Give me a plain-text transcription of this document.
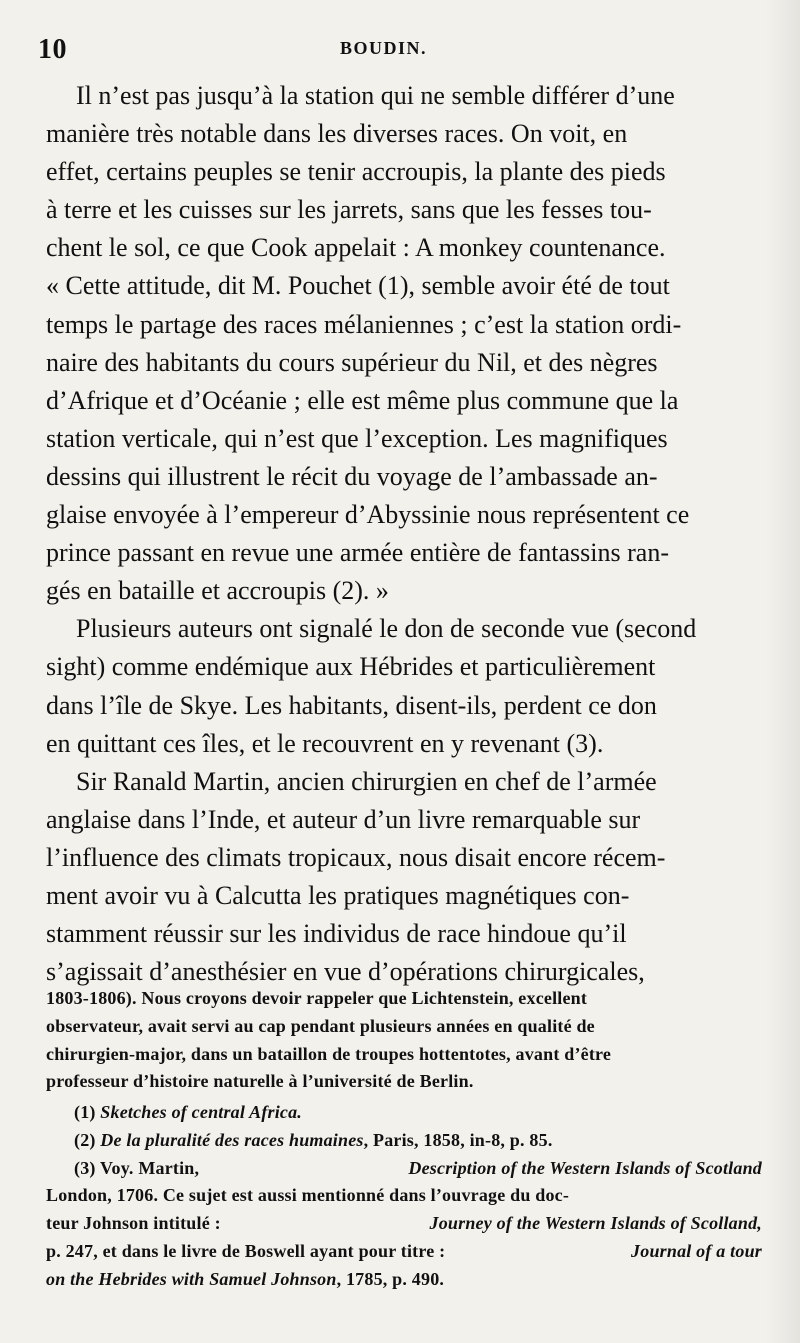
10	BOUDIN.
Il n’est pas jusqu’à la station qui ne semble différer d’une
manière très notable dans les diverses races. On voit, en
effet, certains peuples se tenir accroupis, la plante des pieds
à terre et les cuisses sur les jarrets, sans que les fesses tou-
chent le sol, ce que Cook appelait : A monkey countenance.
« Cette attitude, dit M. Pouchet (1), semble avoir été de tout
temps le partage des races mélaniennes ; c’est la station ordi-
naire des habitants du cours supérieur du Nil, et des nègres
d’Afrique et d’Océanie ; elle est même plus commune que la
station verticale, qui n’est que l’exception. Les magnifiques
dessins qui illustrent le récit du voyage de l’ambassade an-
glaise envoyée à l’empereur d’Abyssinie nous représentent ce
prince passant en revue une armée entière de fantassins ran-
gés en bataille et accroupis (2). »
Plusieurs auteurs ont signalé le don de seconde vue (second
sight) comme endémique aux Hébrides et particulièrement
dans l’île de Skye. Les habitants, disent-ils, perdent ce don
en quittant ces îles, et le recouvrent en y revenant (3).
Sir Ranald Martin, ancien chirurgien en chef de l’armée
anglaise dans l’Inde, et auteur d’un livre remarquable sur
l’influence des climats tropicaux, nous disait encore récem-
ment avoir vu à Calcutta les pratiques magnétiques con-
stamment réussir sur les individus de race hindoue qu’il
s’agissait d’anesthésier en vue d’opérations chirurgicales,
1803-1806). Nous croyons devoir rappeler que Lichtenstein, excellent
observateur, avait servi au cap pendant plusieurs années en qualité de
chirurgien-major, dans un bataillon de troupes hottentotes, avant d’être
professeur d’histoire naturelle à l’université de Berlin.
(1)
Sketches of central Africa.
(2)
De la pluralité des races humaines , Paris, 1858, in-8, p. 85.
(3) Voy. Martin,	Description of the Western Islands of Scotland
London, 1706. Ce sujet est aussi mentionné dans l’ouvrage du doc-
teur Johnson intitulé :	Journey of the Western Islands of Scolland,
p. 247, et dans le livre de Boswell ayant pour titre :	Journal of a tour
on the Hebrides with Samuel Johnson , 1785, p. 490.
